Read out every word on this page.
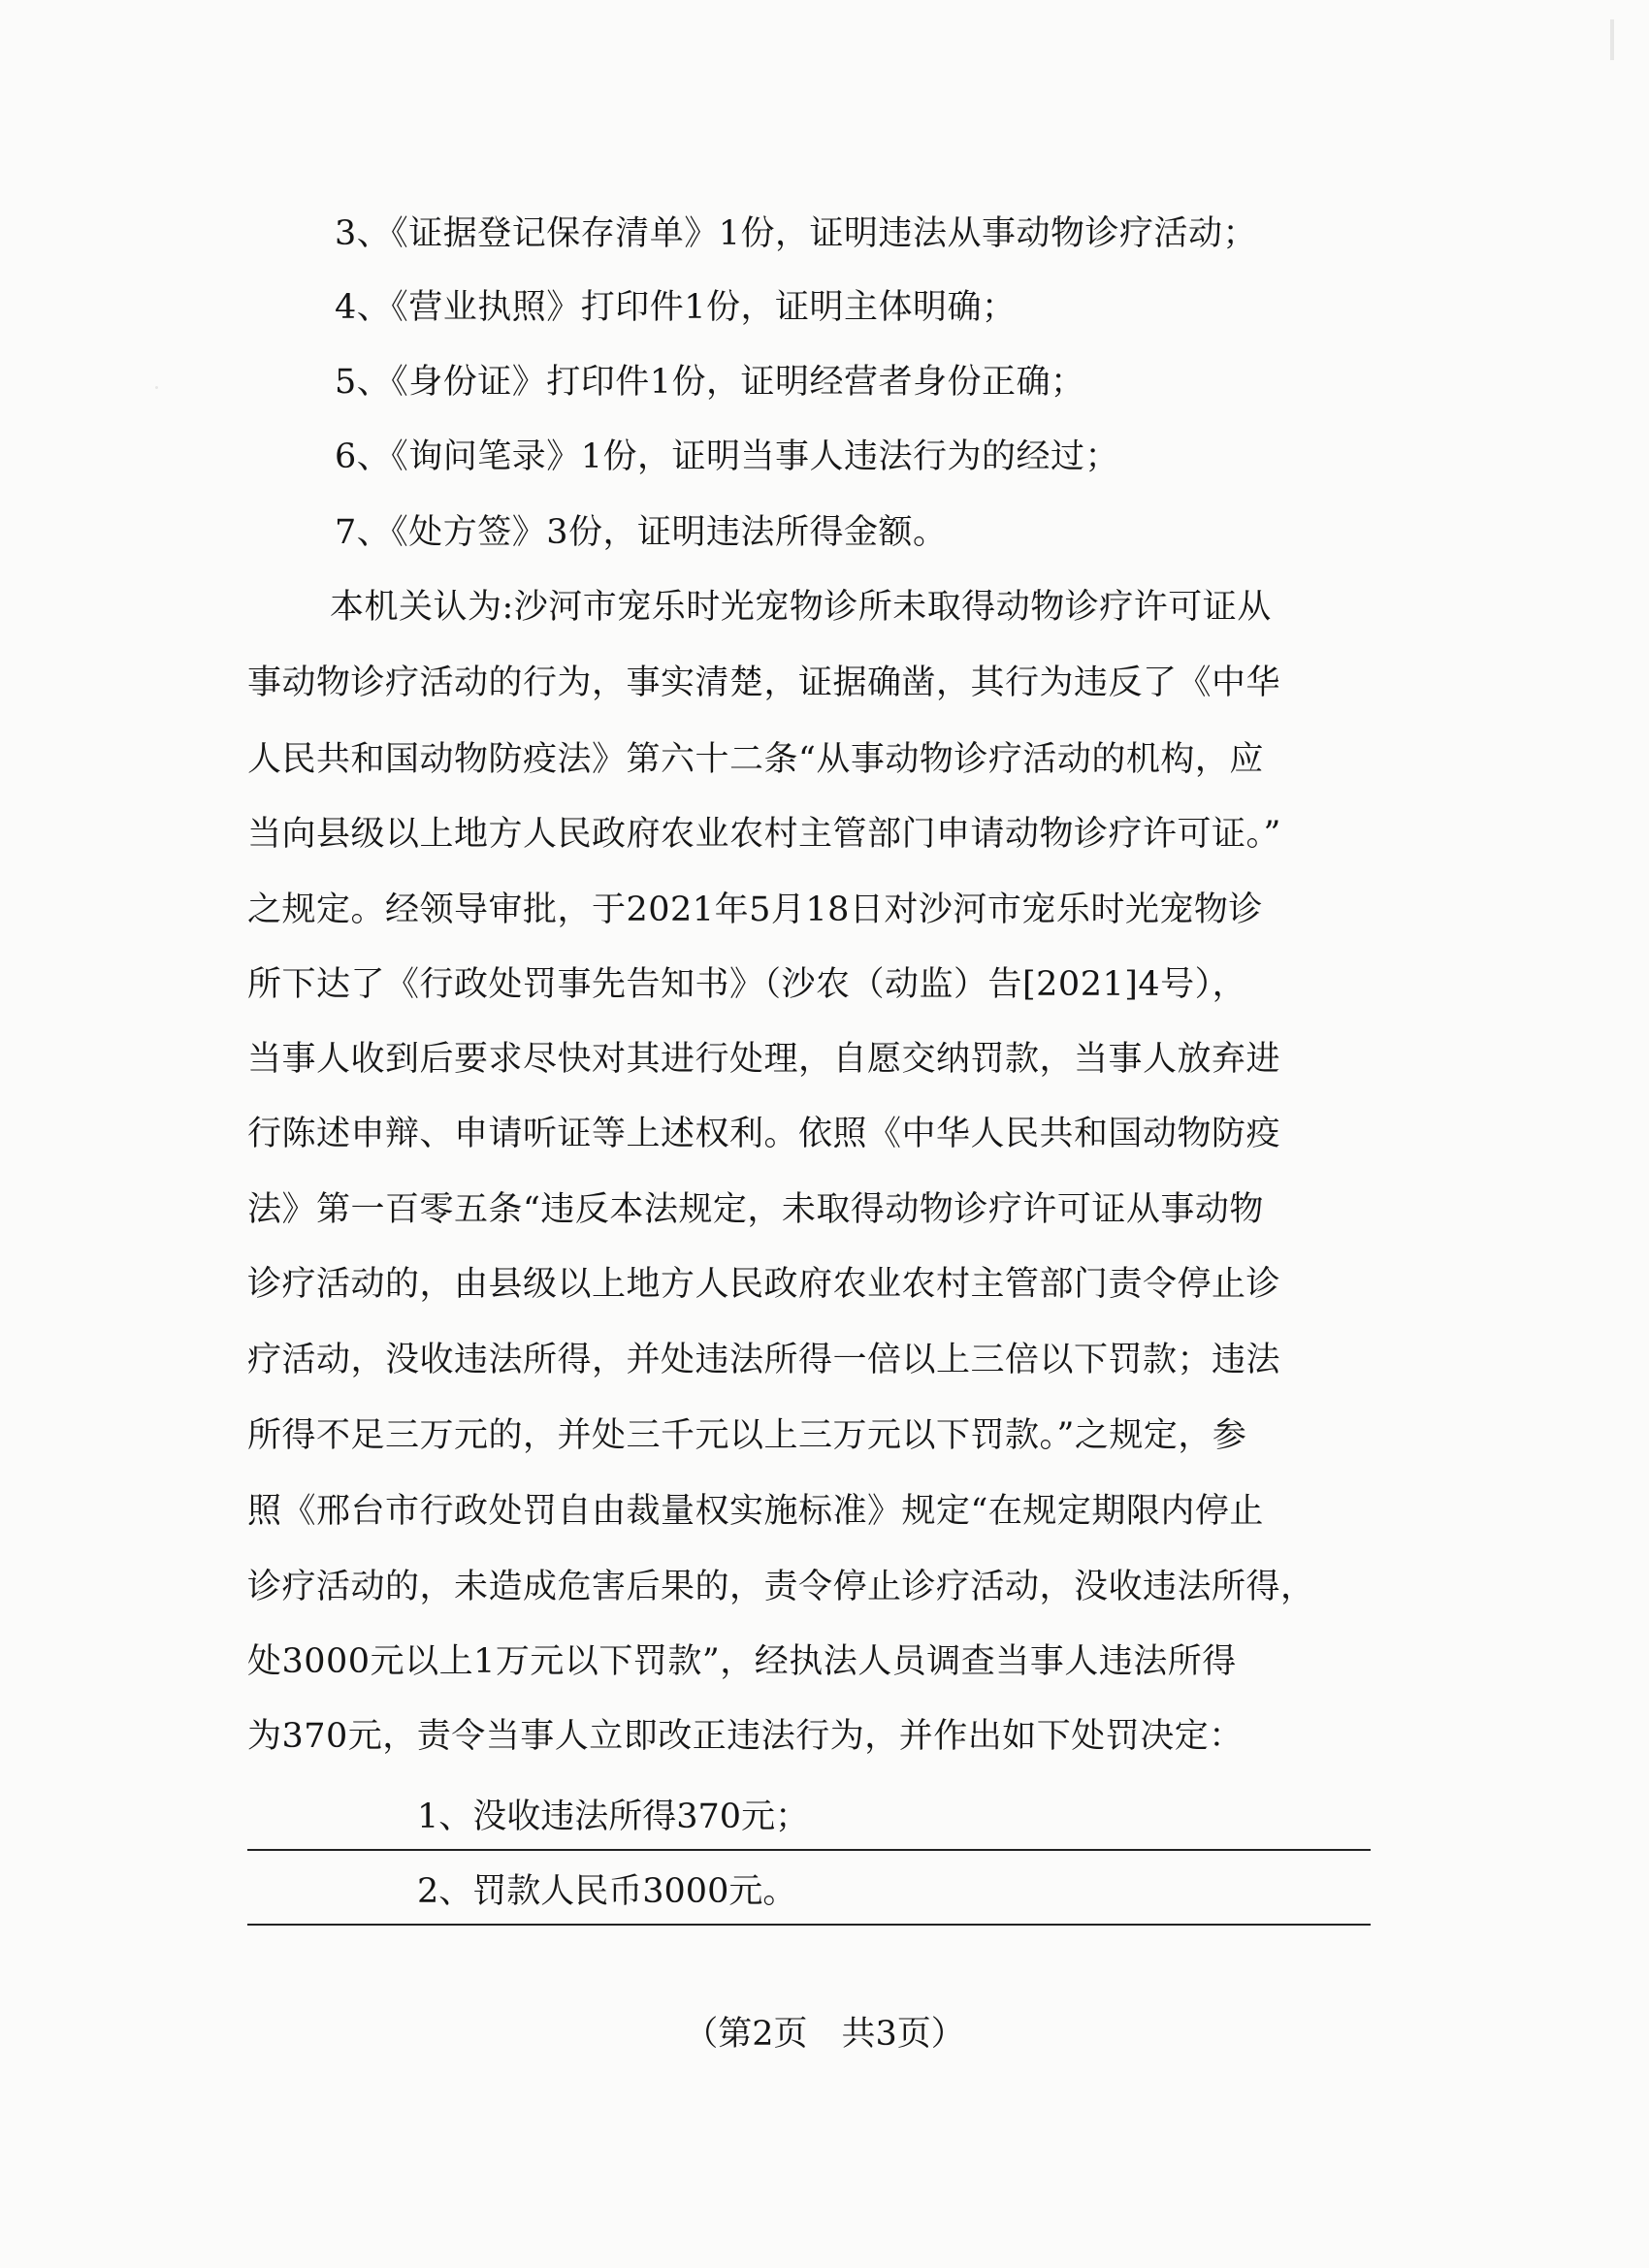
3、《证据登记保存清单》1份，证明违法从事动物诊疗活动；
4、《营业执照》打印件1份，证明主体明确；
5、《身份证》打印件1份，证明经营者身份正确；
6、《询问笔录》1份，证明当事人违法行为的经过；
7、《处方签》3份，证明违法所得金额。
本机关认为:沙河市宠乐时光宠物诊所未取得动物诊疗许可证从
事动物诊疗活动的行为，事实清楚，证据确凿，其行为违反了《中华
人民共和国动物防疫法》第六十二条“从事动物诊疗活动的机构，应
当向县级以上地方人民政府农业农村主管部门申请动物诊疗许可证。”
之规定。经领导审批，于2021年5月18日对沙河市宠乐时光宠物诊
所下达了《行政处罚事先告知书》（沙农（动监）告[2021]4号），
当事人收到后要求尽快对其进行处理，自愿交纳罚款，当事人放弃进
行陈述申辩、申请听证等上述权利。依照《中华人民共和国动物防疫
法》第一百零五条“违反本法规定，未取得动物诊疗许可证从事动物
诊疗活动的，由县级以上地方人民政府农业农村主管部门责令停止诊
疗活动，没收违法所得，并处违法所得一倍以上三倍以下罚款；违法
所得不足三万元的，并处三千元以上三万元以下罚款。”之规定，参
照《邢台市行政处罚自由裁量权实施标准》规定“在规定期限内停止
诊疗活动的，未造成危害后果的，责令停止诊疗活动，没收违法所得，
处3000元以上1万元以下罚款”，经执法人员调查当事人违法所得
为370元，责令当事人立即改正违法行为，并作出如下处罚决定：
1、没收违法所得370元；
2、罚款人民币3000元。
（第2页　共3页）
